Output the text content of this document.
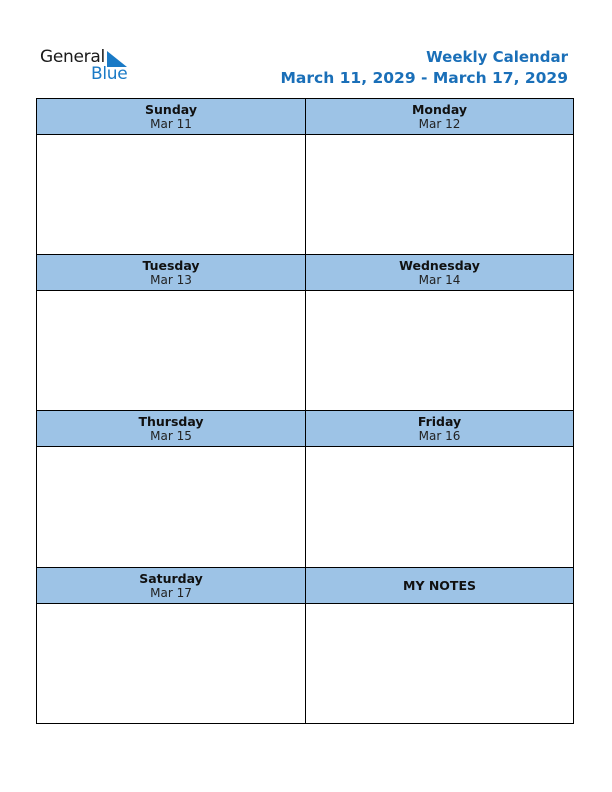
General
Blue
Weekly Calendar
March 11, 2029 - March 17, 2029
Sunday
Mar 11
Monday
Mar 12
Tuesday
Mar 13
Wednesday
Mar 14
Thursday
Mar 15
Friday
Mar 16
Saturday
Mar 17	MY NOTES
